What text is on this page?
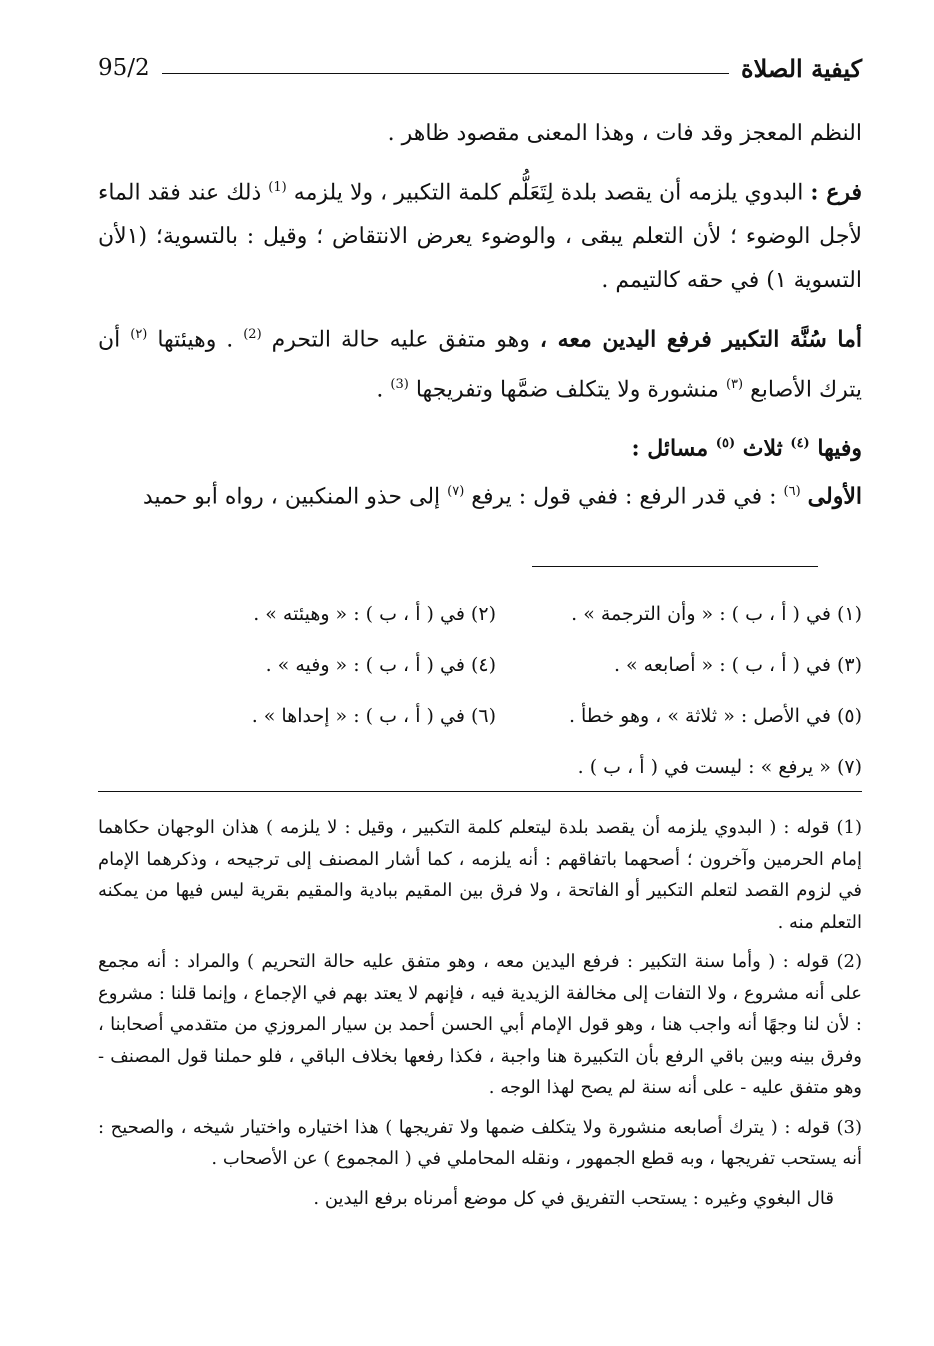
كيفية الصلاة
95/2

النظم المعجز وقد فات ، وهذا المعنى مقصود ظاهر .

فرع : البدوي يلزمه أن يقصد بلدة لِتَعَلُّم كلمة التكبير ، ولا يلزمه $^{(1)}$ ذلك عند فقد الماء لأجل الوضوء ؛ لأن التعلم يبقى ، والوضوء يعرض الانتقاض ؛ وقيل : بالتسوية؛ (١لأن التسوية ١) في حقه كالتيمم .

أما سُنَّة التكبير فرفع اليدين معه ، وهو متفق عليه حالة التحرم $^{(2)}$ . وهيئتها $^{(٢)}$ أن يترك الأصابع $^{(٣)}$ منشورة ولا يتكلف ضمَّها وتفريجها $^{(3)}$ .

وفيها $^{(٤)}$ ثلاث $^{(٥)}$ مسائل :

الأولى $^{(٦)}$ : في قدر الرفع : ففي قول : يرفع $^{(٧)}$ إلى حذو المنكبين ، رواه أبو حميد

(١) في ( أ ، ب ) : « وأن الترجمة » .
(٢) في ( أ ، ب ) : « وهيئته » .
(٣) في ( أ ، ب ) : « أصابعه » .
(٤) في ( أ ، ب ) : « وفيه » .
(٥) في الأصل : « ثلاثة » ، وهو خطأ .
(٦) في ( أ ، ب ) : « إحداها » .
(٧) « يرفع » : ليست في ( أ ، ب ) .

(1) قوله : ( البدوي يلزمه أن يقصد بلدة ليتعلم كلمة التكبير ، وقيل : لا يلزمه ) هذان الوجهان حكاهما إمام الحرمين وآخرون ؛ أصحهما باتفاقهم : أنه يلزمه ، كما أشار المصنف إلى ترجيحه ، وذكرهما الإمام في لزوم القصد لتعلم التكبير أو الفاتحة ، ولا فرق بين المقيم ببادية والمقيم بقرية ليس فيها من يمكنه التعلم منه .

(2) قوله : ( وأما سنة التكبير : فرفع اليدين معه ، وهو متفق عليه حالة التحريم ) والمراد : أنه مجمع على أنه مشروع ، ولا التفات إلى مخالفة الزيدية فيه ، فإنهم لا يعتد بهم في الإجماع ، وإنما قلنا : مشروع : لأن لنا وجهًا أنه واجب هنا ، وهو قول الإمام أبي الحسن أحمد بن سيار المروزي من متقدمي أصحابنا ، وفرق بينه وبين باقي الرفع بأن التكبيرة هنا واجبة ، فكذا رفعها بخلاف الباقي ، فلو حملنا قول المصنف - وهو متفق عليه - على أنه سنة لم يصح لهذا الوجه .

(3) قوله : ( يترك أصابعه منشورة ولا يتكلف ضمها ولا تفريجها ) هذا اختياره واختيار شيخه ، والصحيح : أنه يستحب تفريجها ، وبه قطع الجمهور ، ونقله المحاملي في ( المجموع ) عن الأصحاب .

قال البغوي وغيره : يستحب التفريق في كل موضع أمرناه برفع اليدين .
